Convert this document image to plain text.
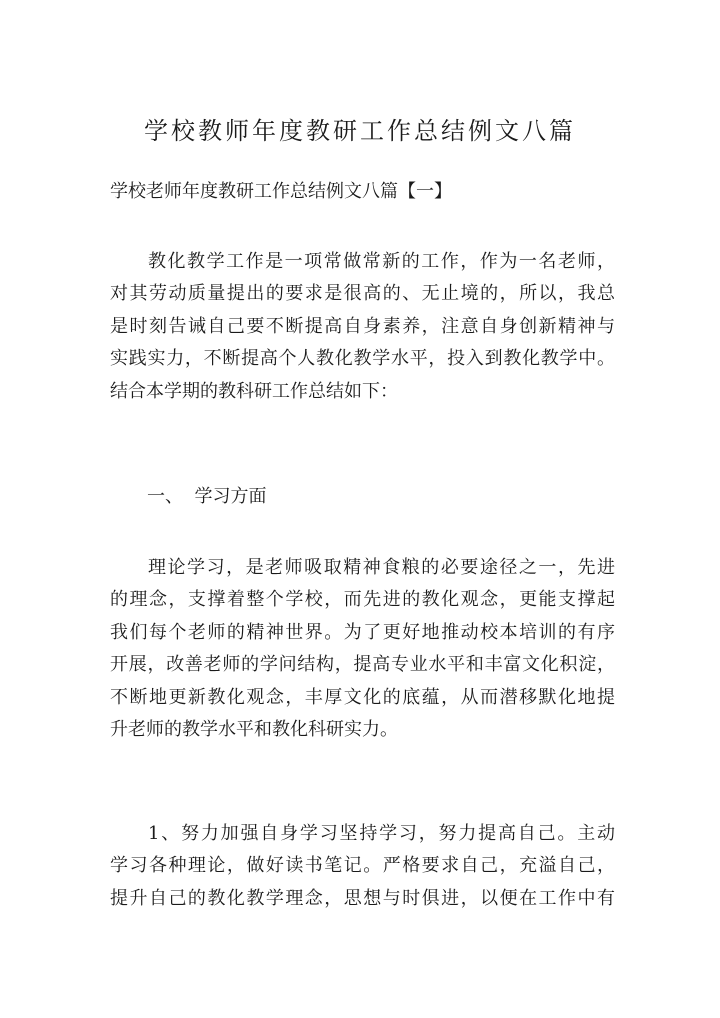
学校教师年度教研工作总结例文八篇

学校老师年度教研工作总结例文八篇【一】

教化教学工作是一项常做常新的工作，作为一名老师，
对其劳动质量提出的要求是很高的、无止境的，所以，我总
是时刻告诫自己要不断提高自身素养，注意自身创新精神与
实践实力，不断提高个人教化教学水平，投入到教化教学中。
结合本学期的教科研工作总结如下：

一、  学习方面

理论学习，是老师吸取精神食粮的必要途径之一，先进
的理念，支撑着整个学校，而先进的教化观念，更能支撑起
我们每个老师的精神世界。为了更好地推动校本培训的有序
开展，改善老师的学问结构，提高专业水平和丰富文化积淀，
不断地更新教化观念，丰厚文化的底蕴，从而潜移默化地提
升老师的教学水平和教化科研实力。
1、努力加强自身学习坚持学习，努力提高自己。主动
学习各种理论，做好读书笔记。严格要求自己，充溢自己，
提升自己的教化教学理念，思想与时俱进，以便在工作中有
